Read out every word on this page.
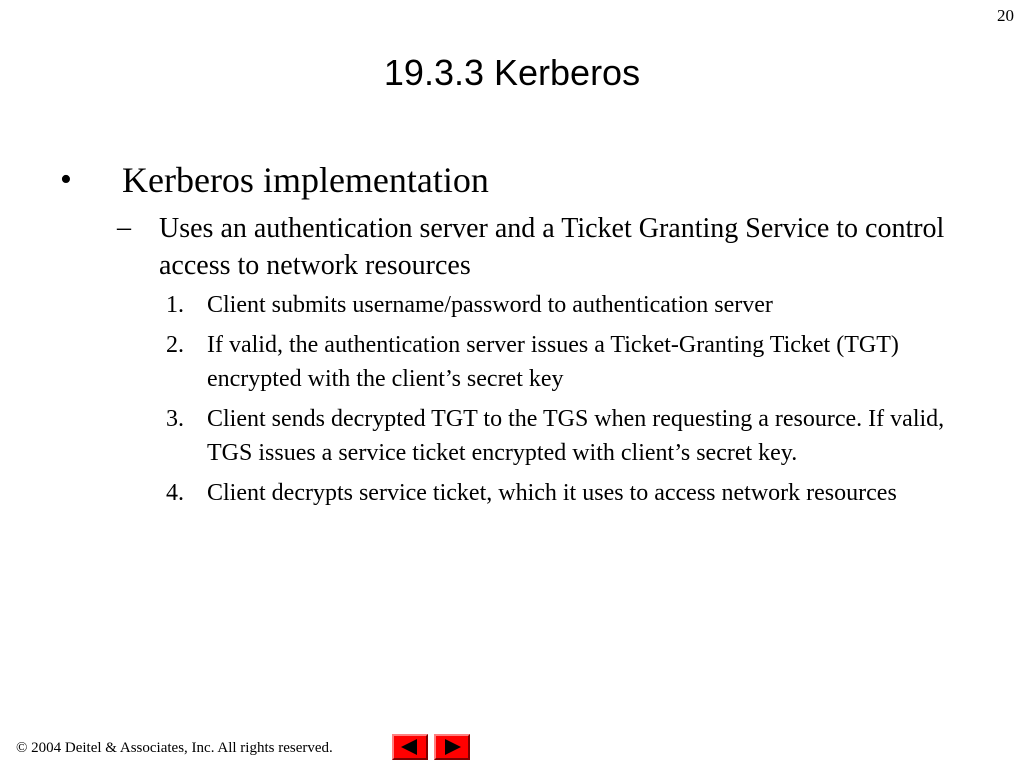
20
19.3.3 Kerberos
• Kerberos implementation
– Uses an authentication server and a Ticket Granting Service to control access to network resources
1. Client submits username/password to authentication server
2. If valid, the authentication server issues a Ticket-Granting Ticket (TGT) encrypted with the client’s secret key
3. Client sends decrypted TGT to the TGS when requesting a resource. If valid, TGS issues a service ticket encrypted with client’s secret key.
4. Client decrypts service ticket, which it uses to access network resources
© 2004 Deitel & Associates, Inc. All rights reserved.
